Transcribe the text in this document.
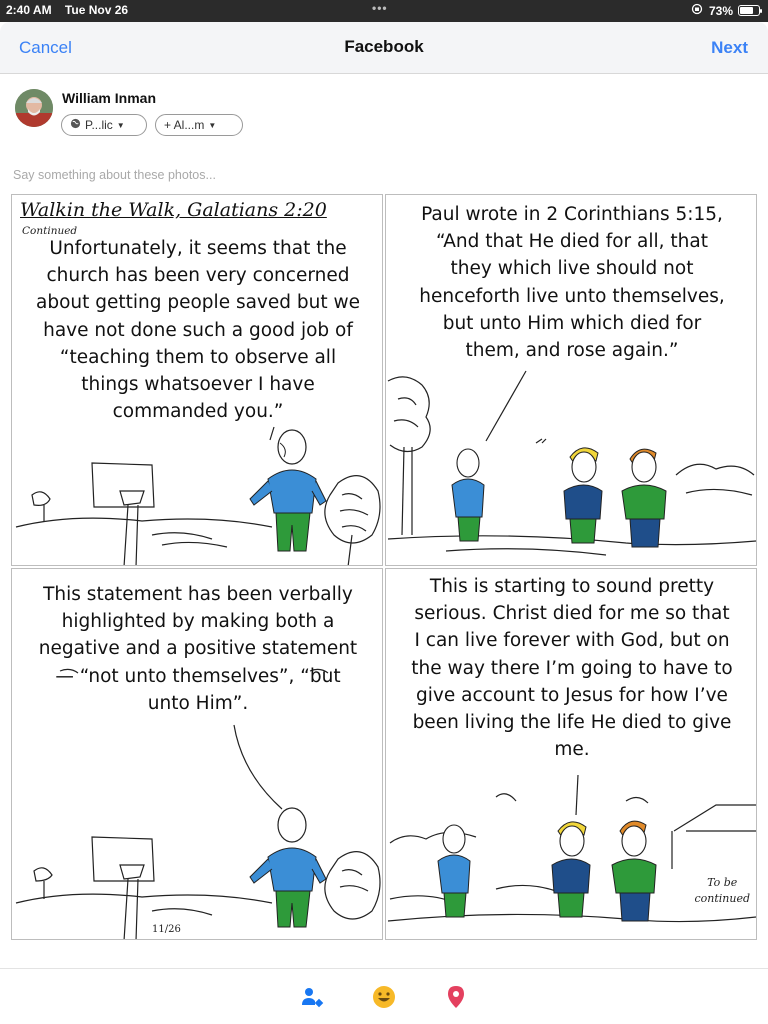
2:40 AM Tue Nov 26	•••	73%
Cancel	Facebook	Next
William Inman
P...lic ▼	+ Al...m ▼
Say something about these photos...
Walkin the Walk, Galatians 2:20
Continued
Unfortunately, it seems that the
church has been very concerned
about getting people saved but we
have not done such a good job of
“teaching them to observe all
things whatsoever I have
commanded you.”
Paul wrote in 2 Corinthians 5:15,
“And that He died for all, that
they which live should not
henceforth live unto themselves,
but unto Him which died for
them, and rose again.”
This statement has been verbally
highlighted by making both a
negative and a positive statement
— “not unto themselves”, “but
unto Him”.
11/26
This is starting to sound pretty
serious. Christ died for me so that
I can live forever with God, but on
the way there I’m going to have to
give account to Jesus for how I’ve
been living the life He died to give
me.
To be
continued
